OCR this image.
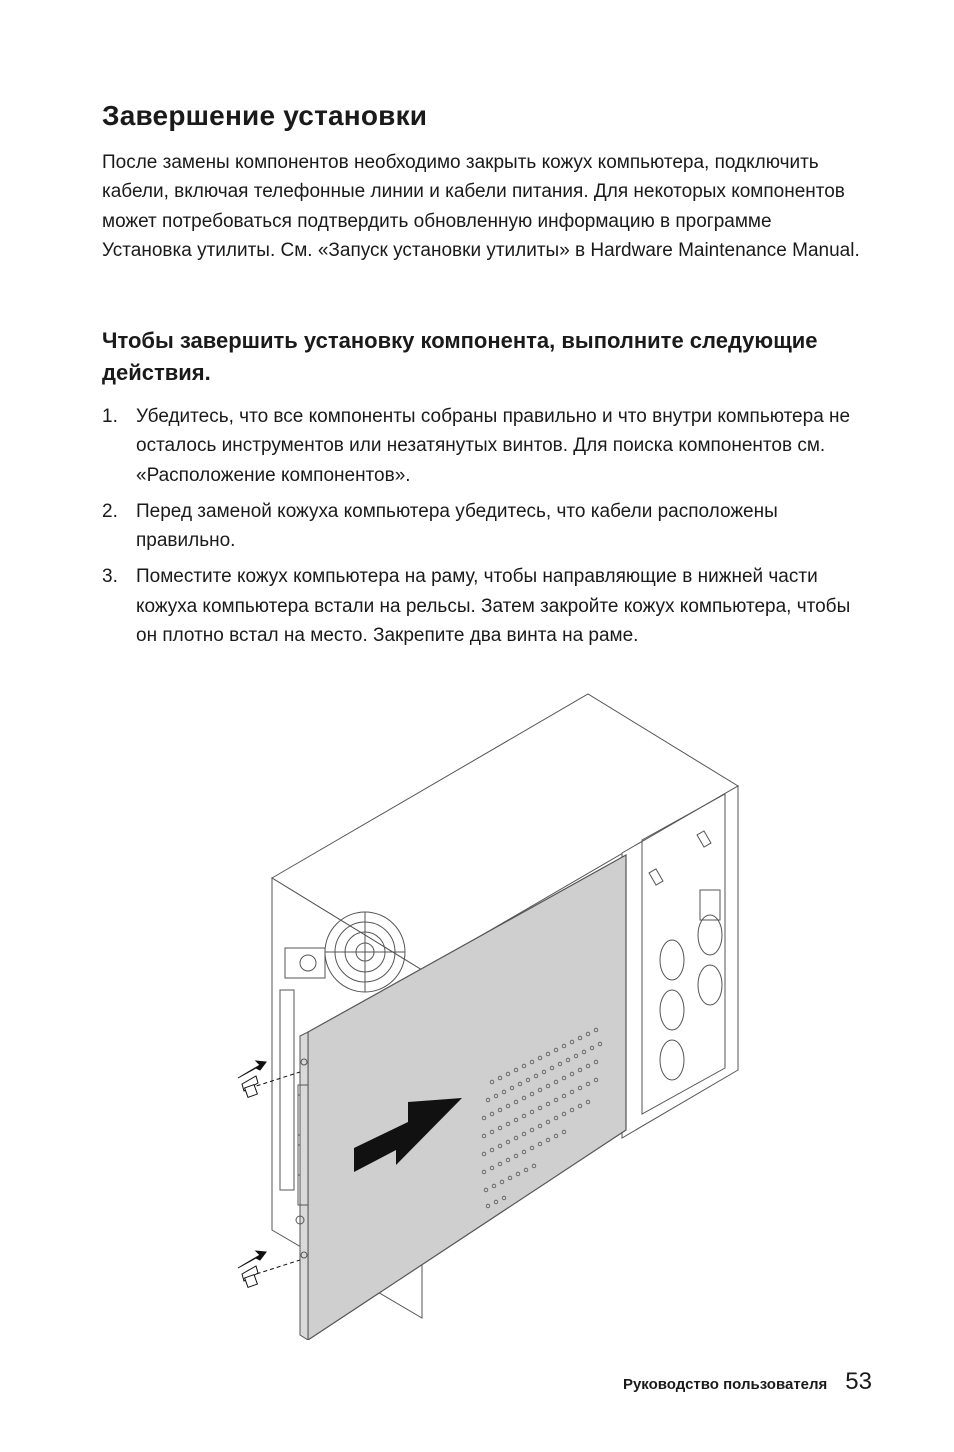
Завершение установки

После замены компонентов необходимо закрыть кожух компьютера, подключить кабели, включая телефонные линии и кабели питания. Для некоторых компонентов может потребоваться подтвердить обновленную информацию в программе Установка утилиты. См. «Запуск установки утилиты» в Hardware Maintenance Manual.

Чтобы завершить установку компонента, выполните следующие действия.
1. Убедитесь, что все компоненты собраны правильно и что внутри компьютера не осталось инструментов или незатянутых винтов. Для поиска компонентов см. «Расположение компонентов».
2. Перед заменой кожуха компьютера убедитесь, что кабели расположены правильно.
3. Поместите кожух компьютера на раму, чтобы направляющие в нижней части кожуха компьютера встали на рельсы. Затем закройте кожух компьютера, чтобы он плотно встал на место. Закрепите два винта на раме.
Руководство пользователя 53
